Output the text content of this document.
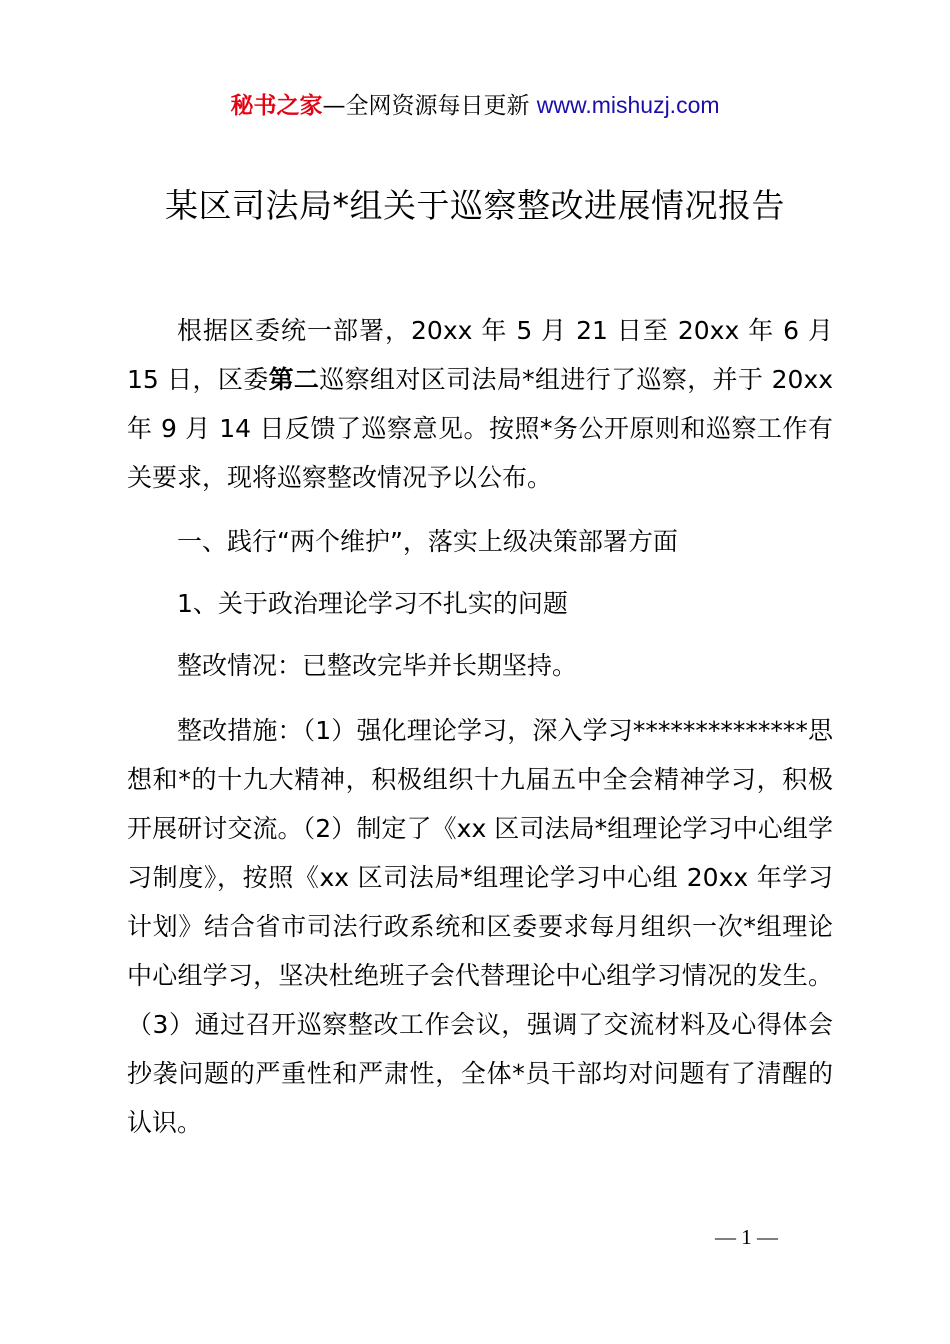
秘书之家—全网资源每日更新 www.mishuzj.com
某区司法局*组关于巡察整改进展情况报告

根据区委统一部署，20xx 年 5 月 21 日至 20xx 年 6 月 15 日，区委第二巡察组对区司法局*组进行了巡察，并于 20xx 年 9 月 14 日反馈了巡察意见。按照*务公开原则和巡察工作有关要求，现将巡察整改情况予以公布。

一、践行“两个维护”，落实上级决策部署方面
1、关于政治理论学习不扎实的问题
整改情况：已整改完毕并长期坚持。

整改措施：（1）强化理论学习，深入学习**************思想和*的十九大精神，积极组织十九届五中全会精神学习，积极开展研讨交流。（2）制定了《xx 区司法局*组理论学习中心组学习制度》，按照《xx 区司法局*组理论学习中心组 20xx 年学习计划》结合省市司法行政系统和区委要求每月组织一次*组理论中心组学习，坚决杜绝班子会代替理论中心组学习情况的发生。（3）通过召开巡察整改工作会议，强调了交流材料及心得体会抄袭问题的严重性和严肃性，全体*员干部均对问题有了清醒的认识。

— 1 —
